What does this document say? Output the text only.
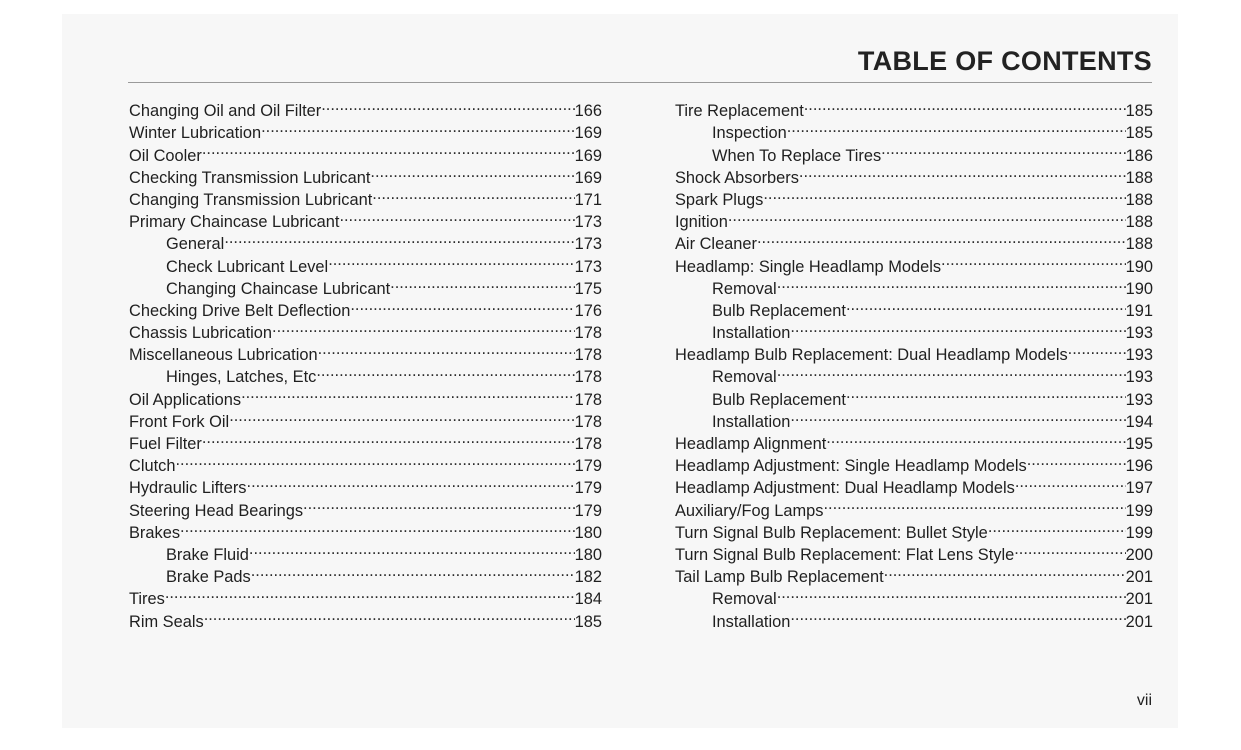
TABLE OF CONTENTS
Changing Oil and Oil Filter .....	166
Winter Lubrication .....	169
Oil Cooler .....	169
Checking Transmission Lubricant .....	169
Changing Transmission Lubricant .....	171
Primary Chaincase Lubricant .....	173
General .....	173
Check Lubricant Level .....	173
Changing Chaincase Lubricant .....	175
Checking Drive Belt Deflection .....	176
Chassis Lubrication .....	178
Miscellaneous Lubrication .....	178
Hinges, Latches, Etc .....	178
Oil Applications .....	178
Front Fork Oil .....	178
Fuel Filter .....	178
Clutch .....	179
Hydraulic Lifters .....	179
Steering Head Bearings .....	179
Brakes .....	180
Brake Fluid .....	180
Brake Pads .....	182
Tires .....	184
Rim Seals .....	185
Tire Replacement .....	185
Inspection .....	185
When To Replace Tires .....	186
Shock Absorbers .....	188
Spark Plugs .....	188
Ignition .....	188
Air Cleaner .....	188
Headlamp: Single Headlamp Models .....	190
Removal .....	190
Bulb Replacement .....	191
Installation .....	193
Headlamp Bulb Replacement: Dual Headlamp Models .....	193
Removal .....	193
Bulb Replacement .....	193
Installation .....	194
Headlamp Alignment .....	195
Headlamp Adjustment: Single Headlamp Models .....	196
Headlamp Adjustment: Dual Headlamp Models .....	197
Auxiliary/Fog Lamps .....	199
Turn Signal Bulb Replacement: Bullet Style .....	199
Turn Signal Bulb Replacement: Flat Lens Style .....	200
Tail Lamp Bulb Replacement .....	201
Removal .....	201
Installation .....	201
vii
